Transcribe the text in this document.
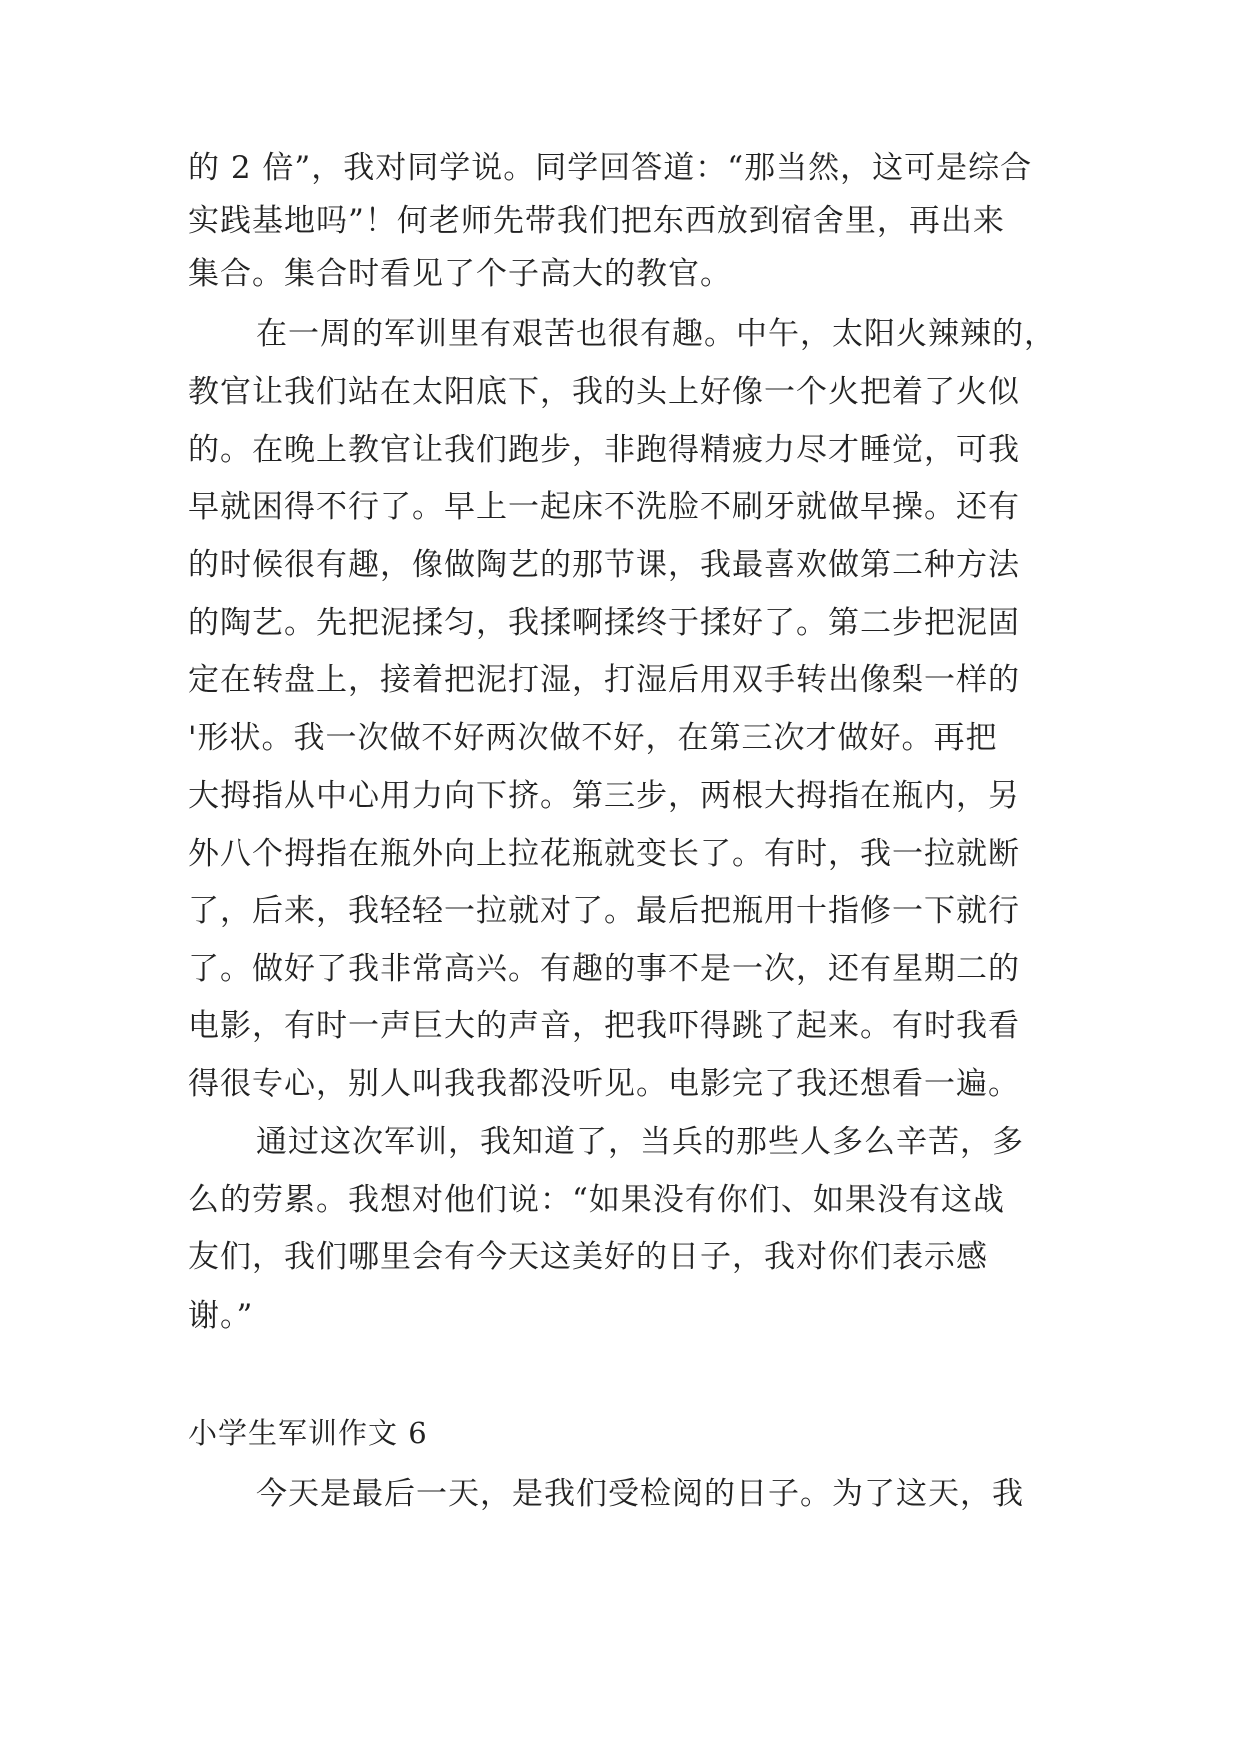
的 2 倍”，我对同学说。同学回答道：“那当然，这可是综合
实践基地吗”！何老师先带我们把东西放到宿舍里，再出来
集合。集合时看见了个子高大的教官。
在一周的军训里有艰苦也很有趣。中午，太阳火辣辣的，
教官让我们站在太阳底下，我的头上好像一个火把着了火似
的。在晚上教官让我们跑步，非跑得精疲力尽才睡觉，可我
早就困得不行了。早上一起床不洗脸不刷牙就做早操。还有
的时候很有趣，像做陶艺的那节课，我最喜欢做第二种方法
的陶艺。先把泥揉匀，我揉啊揉终于揉好了。第二步把泥固
定在转盘上，接着把泥打湿，打湿后用双手转出像梨一样的
'形状。我一次做不好两次做不好，在第三次才做好。再把
大拇指从中心用力向下挤。第三步，两根大拇指在瓶内，另
外八个拇指在瓶外向上拉花瓶就变长了。有时，我一拉就断
了，后来，我轻轻一拉就对了。最后把瓶用十指修一下就行
了。做好了我非常高兴。有趣的事不是一次，还有星期二的
电影，有时一声巨大的声音，把我吓得跳了起来。有时我看
得很专心，别人叫我我都没听见。电影完了我还想看一遍。
通过这次军训，我知道了，当兵的那些人多么辛苦，多
么的劳累。我想对他们说：“如果没有你们、如果没有这战
友们，我们哪里会有今天这美好的日子，我对你们表示感
谢。”
小学生军训作文 6
今天是最后一天，是我们受检阅的日子。为了这天，我
